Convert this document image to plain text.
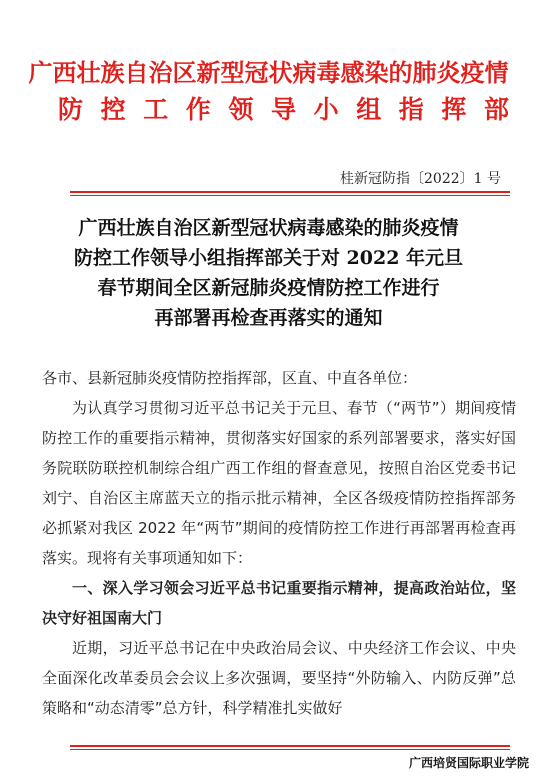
广西壮族自治区新型冠状病毒感染的肺炎疫情
防控工作领导小组指挥部
桂新冠防指〔2022〕1 号
广西壮族自治区新型冠状病毒感染的肺炎疫情
防控工作领导小组指挥部关于对 2022 年元旦
春节期间全区新冠肺炎疫情防控工作进行
再部署再检查再落实的通知

各市、县新冠肺炎疫情防控指挥部，区直、中直各单位：

为认真学习贯彻习近平总书记关于元旦、春节（“两节”）期间疫情防控工作的重要指示精神，贯彻落实好国家的系列部署要求，落实好国务院联防联控机制综合组广西工作组的督查意见，按照自治区党委书记刘宁、自治区主席蓝天立的指示批示精神，全区各级疫情防控指挥部务必抓紧对我区 2022 年“两节”期间的疫情防控工作进行再部署再检查再落实。现将有关事项通知如下：

一、深入学习领会习近平总书记重要指示精神，提高政治站位，坚决守好祖国南大门

近期，习近平总书记在中央政治局会议、中央经济工作会议、中央全面深化改革委员会会议上多次强调，要坚持“外防输入、内防反弹”总策略和“动态清零”总方针，科学精准扎实做好

广西培贤国际职业学院
